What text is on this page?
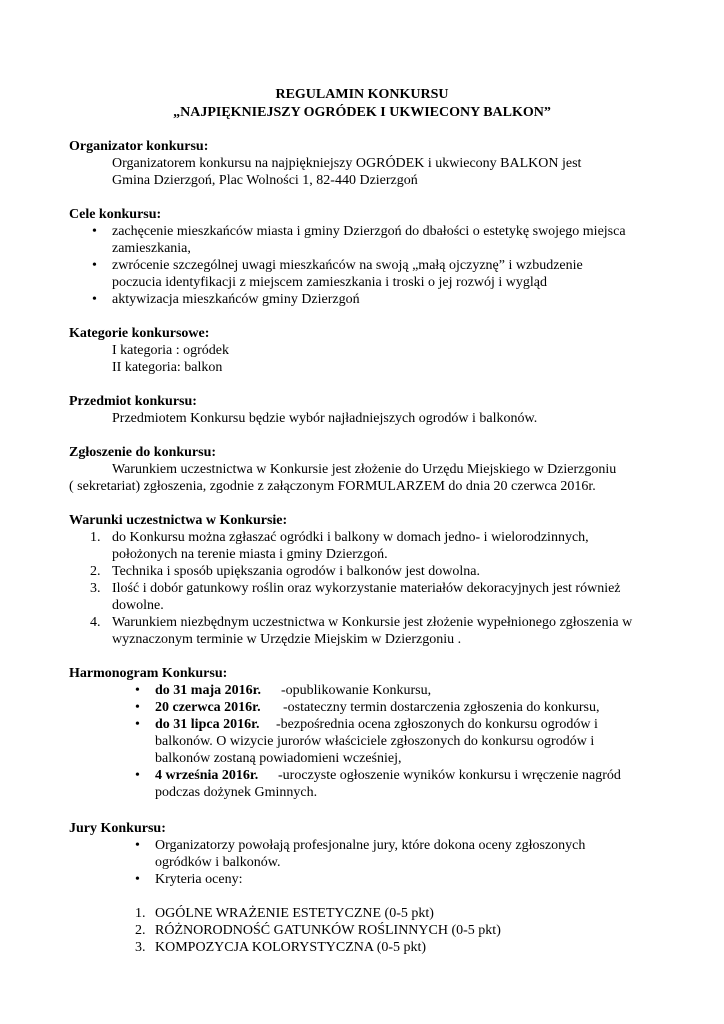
REGULAMIN KONKURSU
„NAJPIĘKNIEJSZY OGRÓDEK I UKWIECONY BALKON”
Organizator konkursu:
Organizatorem konkursu na najpiękniejszy OGRÓDEK i ukwiecony BALKON jest
Gmina Dzierzgoń, Plac Wolności 1, 82-440 Dzierzgoń
Cele konkursu:
• zachęcenie mieszkańców miasta i gminy Dzierzgoń do dbałości o estetykę swojego miejsca
zamieszkania,
• zwrócenie szczególnej uwagi mieszkańców na swoją „małą ojczyznę” i wzbudzenie
poczucia identyfikacji z miejscem zamieszkania i troski o jej rozwój i wygląd
• aktywizacja mieszkańców gminy Dzierzgoń
Kategorie konkursowe:
I kategoria : ogródek
II kategoria: balkon
Przedmiot konkursu:
Przedmiotem Konkursu będzie wybór najładniejszych ogrodów i balkonów.
Zgłoszenie do konkursu:
Warunkiem uczestnictwa w Konkursie jest złożenie do Urzędu Miejskiego w Dzierzgoniu
( sekretariat) zgłoszenia, zgodnie z załączonym FORMULARZEM do dnia 20 czerwca 2016r.
Warunki uczestnictwa w Konkursie:
1. do Konkursu można zgłaszać ogródki i balkony w domach jedno- i wielorodzinnych,
położonych na terenie miasta i gminy Dzierzgoń.
2. Technika i sposób upiększania ogrodów i balkonów jest dowolna.
3. Ilość i dobór gatunkowy roślin oraz wykorzystanie materiałów dekoracyjnych jest również
dowolne.
4. Warunkiem niezbędnym uczestnictwa w Konkursie jest złożenie wypełnionego zgłoszenia w
wyznaczonym terminie w Urzędzie Miejskim w Dzierzgoniu .
Harmonogram Konkursu:
• do 31 maja 2016r. -opublikowanie Konkursu,
• 20 czerwca 2016r. -ostateczny termin dostarczenia zgłoszenia do konkursu,
• do 31 lipca 2016r. -bezpośrednia ocena zgłoszonych do konkursu ogrodów i
balkonów. O wizycie jurorów właściciele zgłoszonych do konkursu ogrodów i
balkonów zostaną powiadomieni wcześniej,
• 4 września 2016r. -uroczyste ogłoszenie wyników konkursu i wręczenie nagród
podczas dożynek Gminnych.
Jury Konkursu:
• Organizatorzy powołają profesjonalne jury, które dokona oceny zgłoszonych
ogródków i balkonów.
• Kryteria oceny:
1. OGÓLNE WRAŻENIE ESTETYCZNE (0-5 pkt)
2. RÓŻNORODNOŚĆ GATUNKÓW ROŚLINNYCH (0-5 pkt)
3. KOMPOZYCJA KOLORYSTYCZNA (0-5 pkt)
